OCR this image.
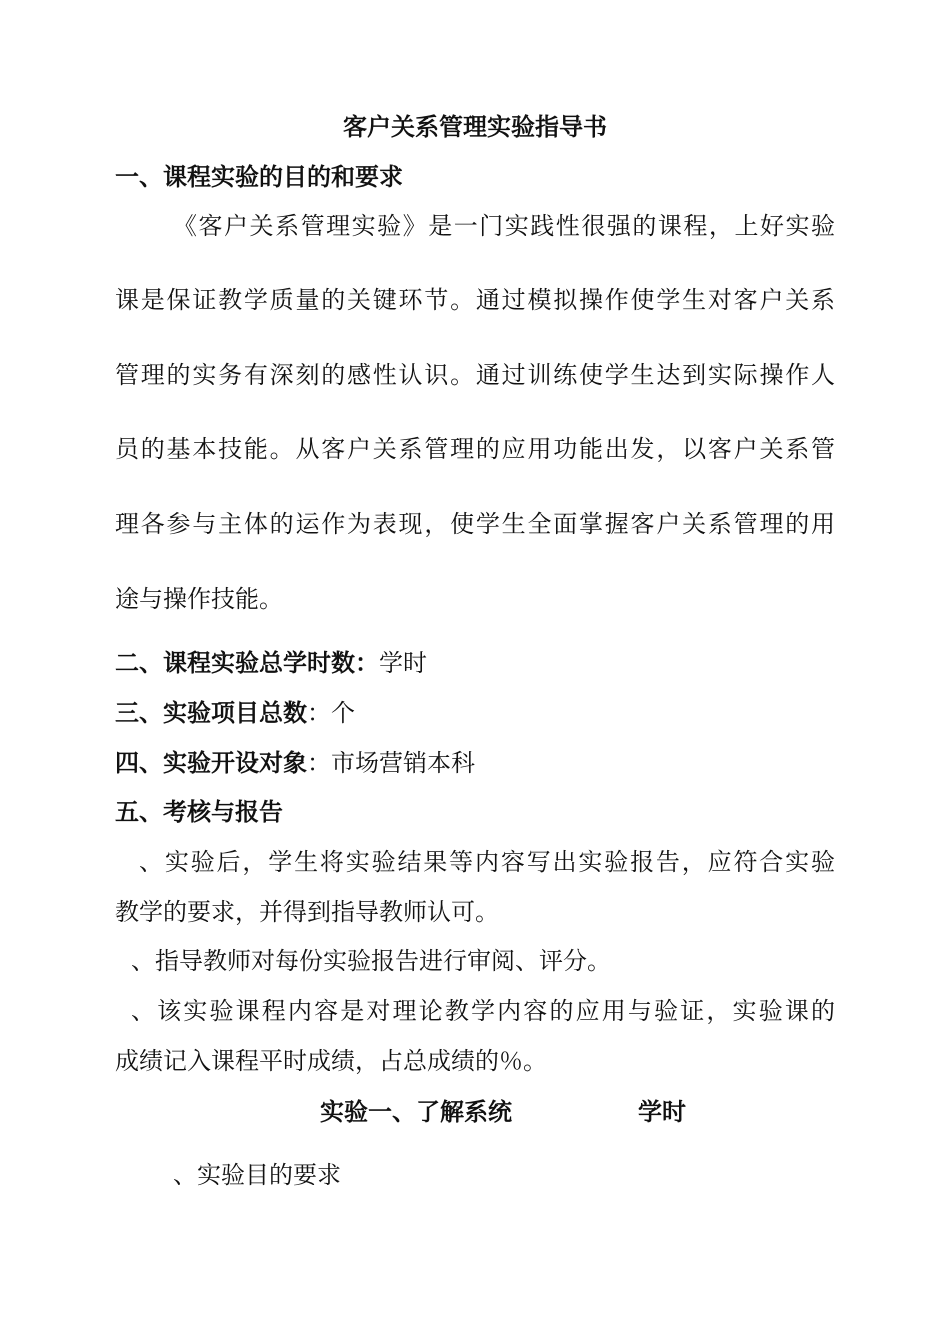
客户关系管理实验指导书
一、课程实验的目的和要求
《客户关系管理实验》是一门实践性很强的课程，上好实验
课是保证教学质量的关键环节。通过模拟操作使学生对客户关系
管理的实务有深刻的感性认识。通过训练使学生达到实际操作人
员的基本技能。从客户关系管理的应用功能出发，以客户关系管
理各参与主体的运作为表现，使学生全面掌握客户关系管理的用
途与操作技能。
二、课程实验总学时数：学时
三、实验项目总数：个
四、实验开设对象：市场营销本科
五、考核与报告
、实验后，学生将实验结果等内容写出实验报告，应符合实验
教学的要求，并得到指导教师认可。
、指导教师对每份实验报告进行审阅、评分。
、该实验课程内容是对理论教学内容的应用与验证，实验课的
成绩记入课程平时成绩，占总成绩的％。
实验一、了解系统	学时
、实验目的要求
